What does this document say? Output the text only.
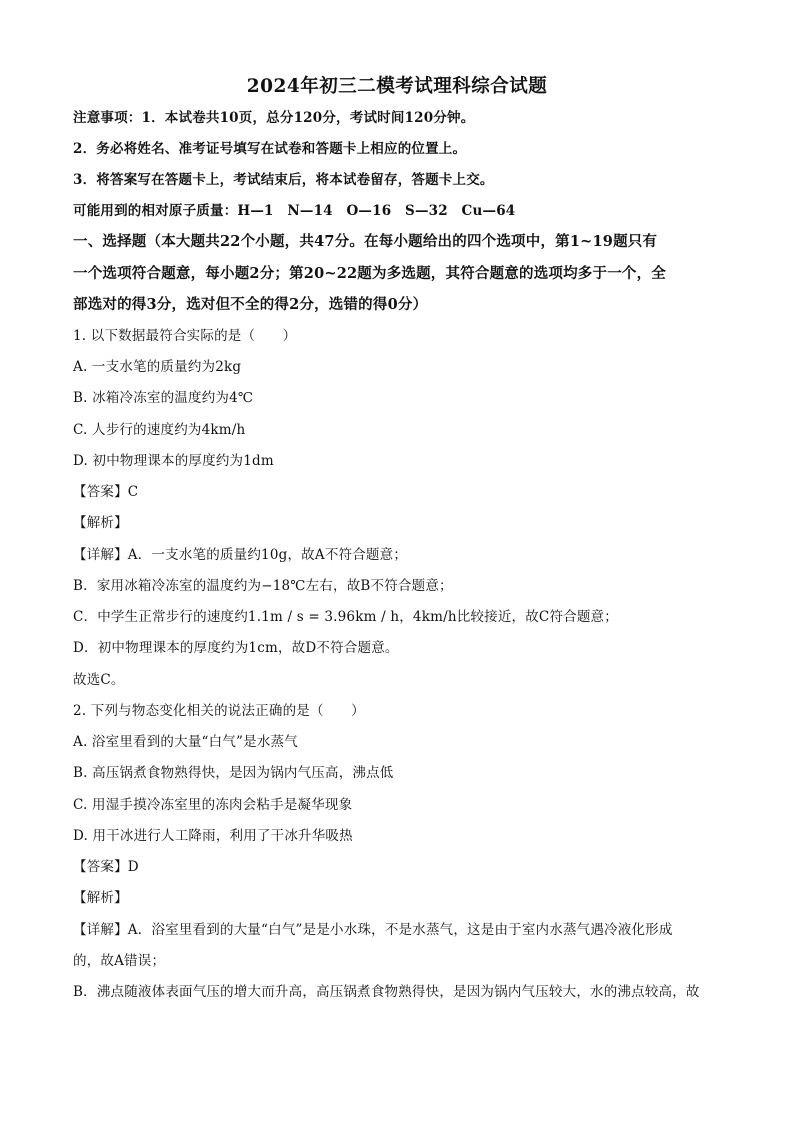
2024年初三二模考试理科综合试题
注意事项：1．本试卷共10页，总分120分，考试时间120分钟。
2．务必将姓名、准考证号填写在试卷和答题卡上相应的位置上。
3．将答案写在答题卡上，考试结束后，将本试卷留存，答题卡上交。
可能用到的相对原子质量：H—1　N—14　O—16　S—32　Cu—64
一、选择题（本大题共22个小题，共47分。在每小题给出的四个选项中，第1~19题只有
一个选项符合题意，每小题2分；第20~22题为多选题，其符合题意的选项均多于一个，全
部选对的得3分，选对但不全的得2分，选错的得0分）
1. 以下数据最符合实际的是（　　）
A. 一支水笔的质量约为2kg
B. 冰箱冷冻室的温度约为4℃
C. 人步行的速度约为4km/h
D. 初中物理课本的厚度约为1dm
【答案】C
【解析】
【详解】A．一支水笔的质量约10g，故A不符合题意；
B．家用冰箱冷冻室的温度约为−18℃左右，故B不符合题意；
C．中学生正常步行的速度约1.1m / s = 3.96km / h，4km/h比较接近，故C符合题意；
D．初中物理课本的厚度约为1cm，故D不符合题意。
故选C。
2. 下列与物态变化相关的说法正确的是（　　）
A. 浴室里看到的大量“白气”是水蒸气
B. 高压锅煮食物熟得快，是因为锅内气压高，沸点低
C. 用湿手摸冷冻室里的冻肉会粘手是凝华现象
D. 用干冰进行人工降雨，利用了干冰升华吸热
【答案】D
【解析】
【详解】A．浴室里看到的大量“白气”是是小水珠，不是水蒸气，这是由于室内水蒸气遇冷液化形成
的，故A错误；
B．沸点随液体表面气压的增大而升高，高压锅煮食物熟得快，是因为锅内气压较大，水的沸点较高，故
